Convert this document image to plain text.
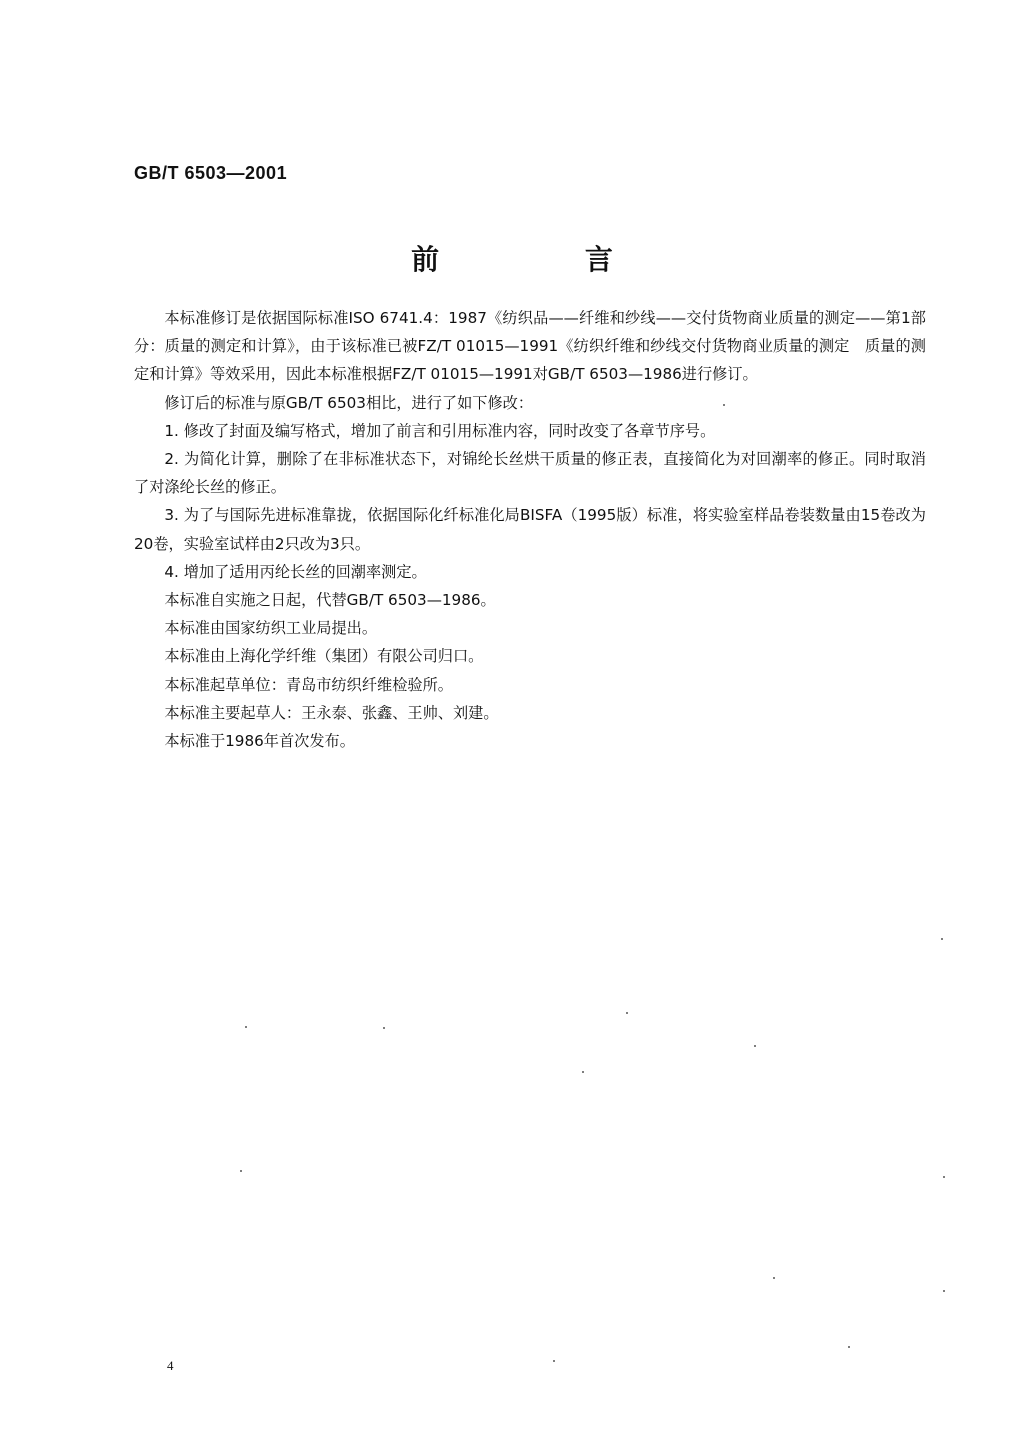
GB/T 6503—2001
前 言

本标准修订是依据国际标准ISO 6741.4：1987《纺织品——纤维和纱线——交付货物商业质量的测定——第1部分：质量的测定和计算》，由于该标准已被FZ/T 01015—1991《纺织纤维和纱线交付货物商业质量的测定　质量的测定和计算》等效采用，因此本标准根据FZ/T 01015—1991对GB/T 6503—1986进行修订。

修订后的标准与原GB/T 6503相比，进行了如下修改：

1. 修改了封面及编写格式，增加了前言和引用标准内容，同时改变了各章节序号。

2. 为简化计算，删除了在非标准状态下，对锦纶长丝烘干质量的修正表，直接简化为对回潮率的修正。同时取消了对涤纶长丝的修正。

3. 为了与国际先进标准靠拢，依据国际化纤标准化局BISFA（1995版）标准，将实验室样品卷装数量由15卷改为20卷，实验室试样由2只改为3只。

4. 增加了适用丙纶长丝的回潮率测定。

本标准自实施之日起，代替GB/T 6503—1986。

本标准由国家纺织工业局提出。

本标准由上海化学纤维（集团）有限公司归口。

本标准起草单位：青岛市纺织纤维检验所。

本标准主要起草人：王永泰、张鑫、王帅、刘建。

本标准于1986年首次发布。

4
